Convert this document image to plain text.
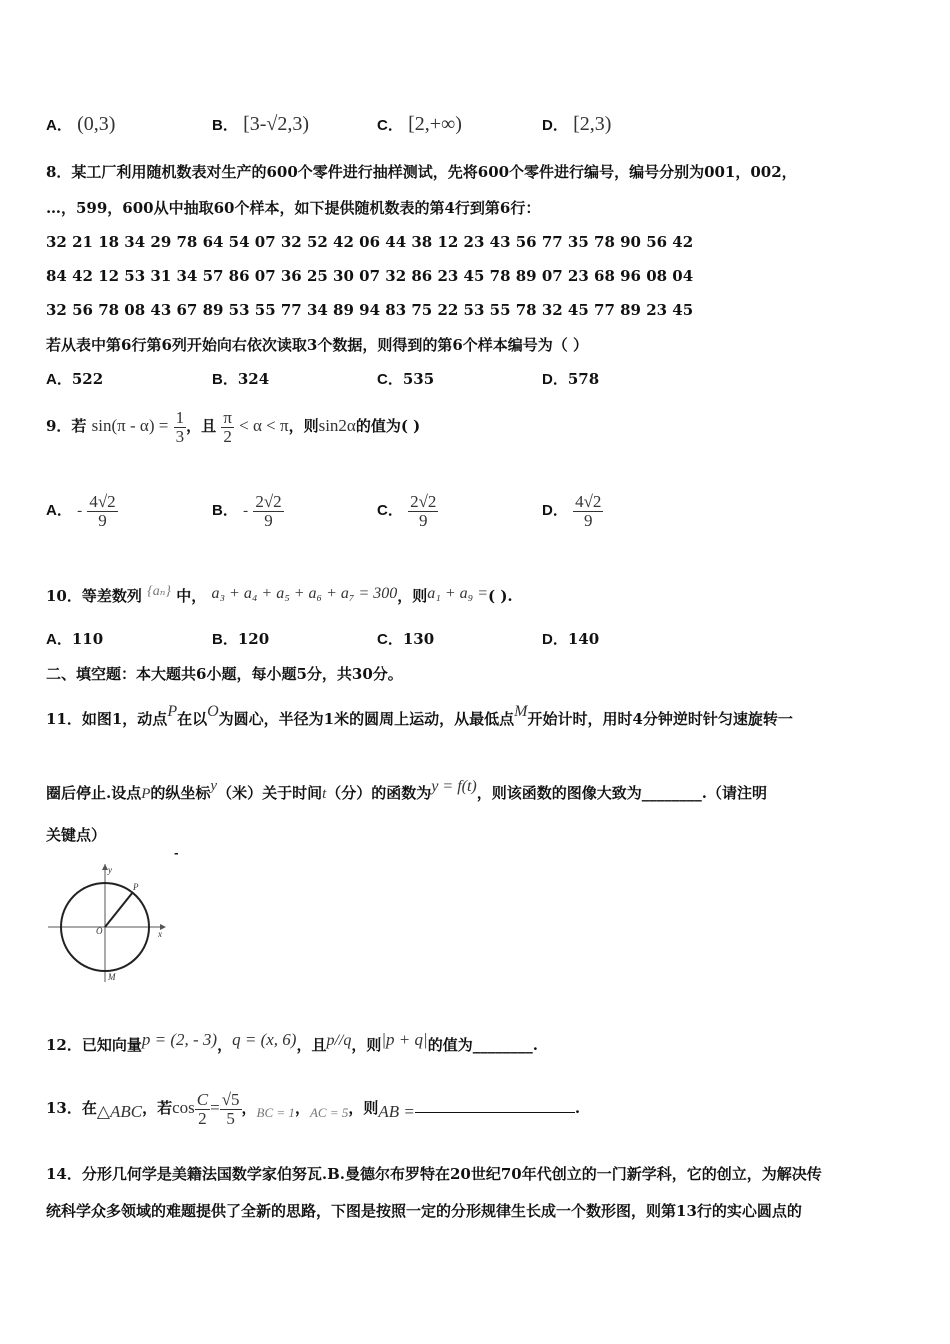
A． (0,3)	B． [3-√2,3)	C． [2,+∞)	D． [2,3)
8．某工厂利用随机数表对生产的600个零件进行抽样测试，先将600个零件进行编号，编号分别为001，002，
…，599，600从中抽取60个样本，如下提供随机数表的第4行到第6行：
32 21 18 34 29 78 64 54 07 32 52 42 06 44 38 12 23 43 56 77 35 78 90 56 42
84 42 12 53 31 34 57 86 07 36 25 30 07 32 86 23 45 78 89 07 23 68 96 08 04
32 56 78 08 43 67 89 53 55 77 34 89 94 83 75 22 53 55 78 32 45 77 89 23 45
若从表中第6行第6列开始向右依次读取3个数据，则得到的第6个样本编号为（ ）
A．522	B．324	C．535	D．578
9．若 $\sin(\pi - \alpha) = \frac{1}{3}$ ，且 $\frac{\pi}{2} < \alpha < \pi$，则sin2α的值为( )
A． - $\frac{4√2}{9}$	B． - $\frac{2√2}{9}$	C． $\frac{2√2}{9}$	D． $\frac{4√2}{9}$
10．等差数列 {aₙ} 中， a₃ + a₄ + a₅ + a₆ + a₇ = 300，则a₁ + a₉ =( ).
A．110	B．120	C．130	D．140
二、填空题：本大题共6小题，每小题5分，共30分。
11．如图1，动点P在以O为圆心，半径为1米的圆周上运动，从最低点M开始计时，用时4分钟逆时针匀速旋转一
圈后停止.设点P的纵坐标y（米）关于时间t（分）的函数为y = f(t)，则该函数的图像大致为________.（请注明
关键点）
-
y
x
O
P
M
12．已知向量p = (2, - 3)，q = (x, 6)，且p//q，则|p + q|的值为________.
13．在△ABC，若$\cos \frac{C}{2} = \frac{√5}{5}$ ，BC = 1，AC = 5，则AB =	.
14．分形几何学是美籍法国数学家伯努瓦.B.曼德尔布罗特在20世纪70年代创立的一门新学科，它的创立，为解决传
统科学众多领域的难题提供了全新的思路，下图是按照一定的分形规律生长成一个数形图，则第13行的实心圆点的
